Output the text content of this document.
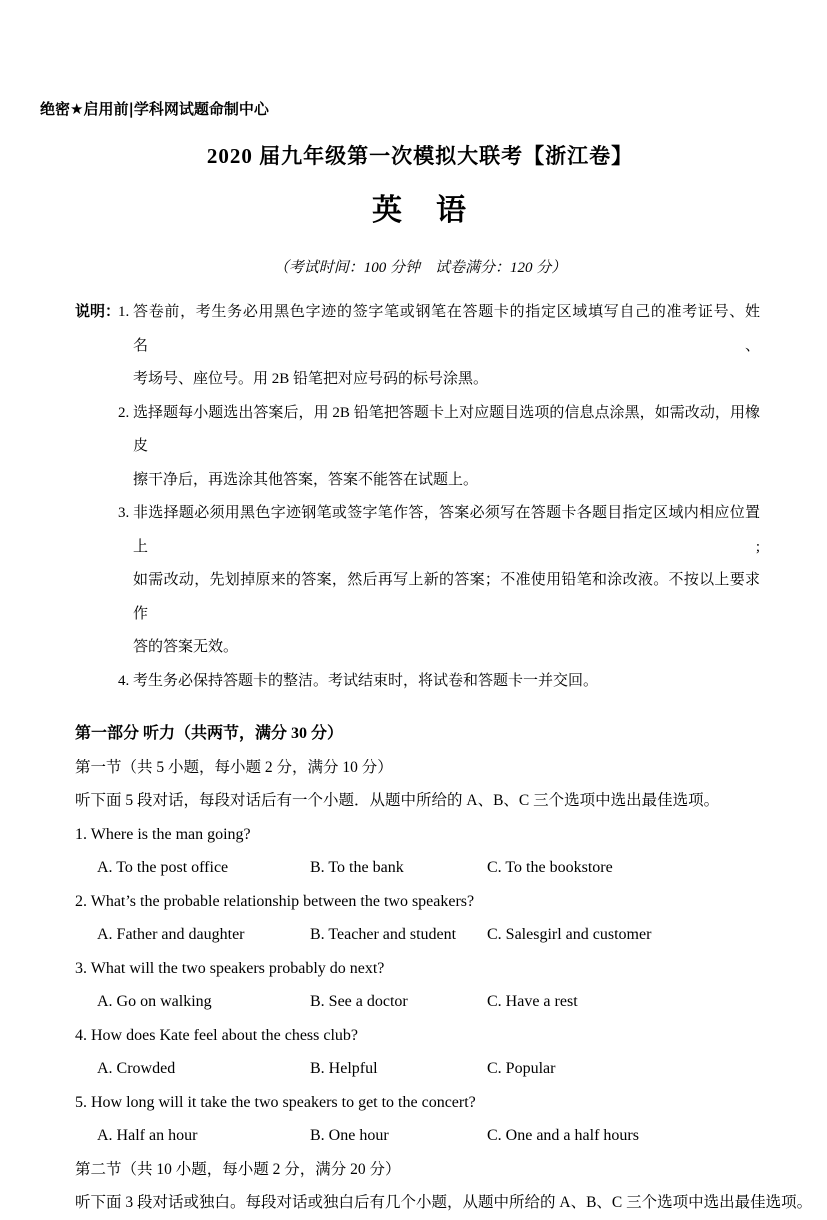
绝密★启用前|学科网试题命制中心
2020 届九年级第一次模拟大联考【浙江卷】
英　语
（考试时间：100 分钟　试卷满分：120 分）
说明：
1. 答卷前，考生务必用黑色字迹的签字笔或钢笔在答题卡的指定区域填写自己的准考证号、姓名、
考场号、座位号。用 2B 铅笔把对应号码的标号涂黑。
2. 选择题每小题选出答案后，用 2B 铅笔把答题卡上对应题目选项的信息点涂黑，如需改动，用橡皮
擦干净后，再选涂其他答案，答案不能答在试题上。
3. 非选择题必须用黑色字迹钢笔或签字笔作答，答案必须写在答题卡各题目指定区域内相应位置上;
如需改动，先划掉原来的答案，然后再写上新的答案；不准使用铅笔和涂改液。不按以上要求作
答的答案无效。
4. 考生务必保持答题卡的整洁。考试结束时，将试卷和答题卡一并交回。
第一部分 听力（共两节，满分 30 分）
第一节（共 5 小题，每小题 2 分，满分 10 分）
听下面 5 段对话，每段对话后有一个小题．从题中所给的 A、B、C 三个选项中选出最佳选项。
1. Where is the man going?
A. To the post office	B. To the bank	C. To the bookstore
2. What’s the probable relationship between the two speakers?
A. Father and daughter	B. Teacher and student	C. Salesgirl and customer
3. What will the two speakers probably do next?
A. Go on walking	B. See a doctor	C. Have a rest
4. How does Kate feel about the chess club?
A. Crowded	B. Helpful	C. Popular
5. How long will it take the two speakers to get to the concert?
A. Half an hour	B. One hour	C. One and a half hours
第二节（共 10 小题，每小题 2 分，满分 20 分）
听下面 3 段对话或独白。每段对话或独白后有几个小题，从题中所给的 A、B、C 三个选项中选出最佳选项。
